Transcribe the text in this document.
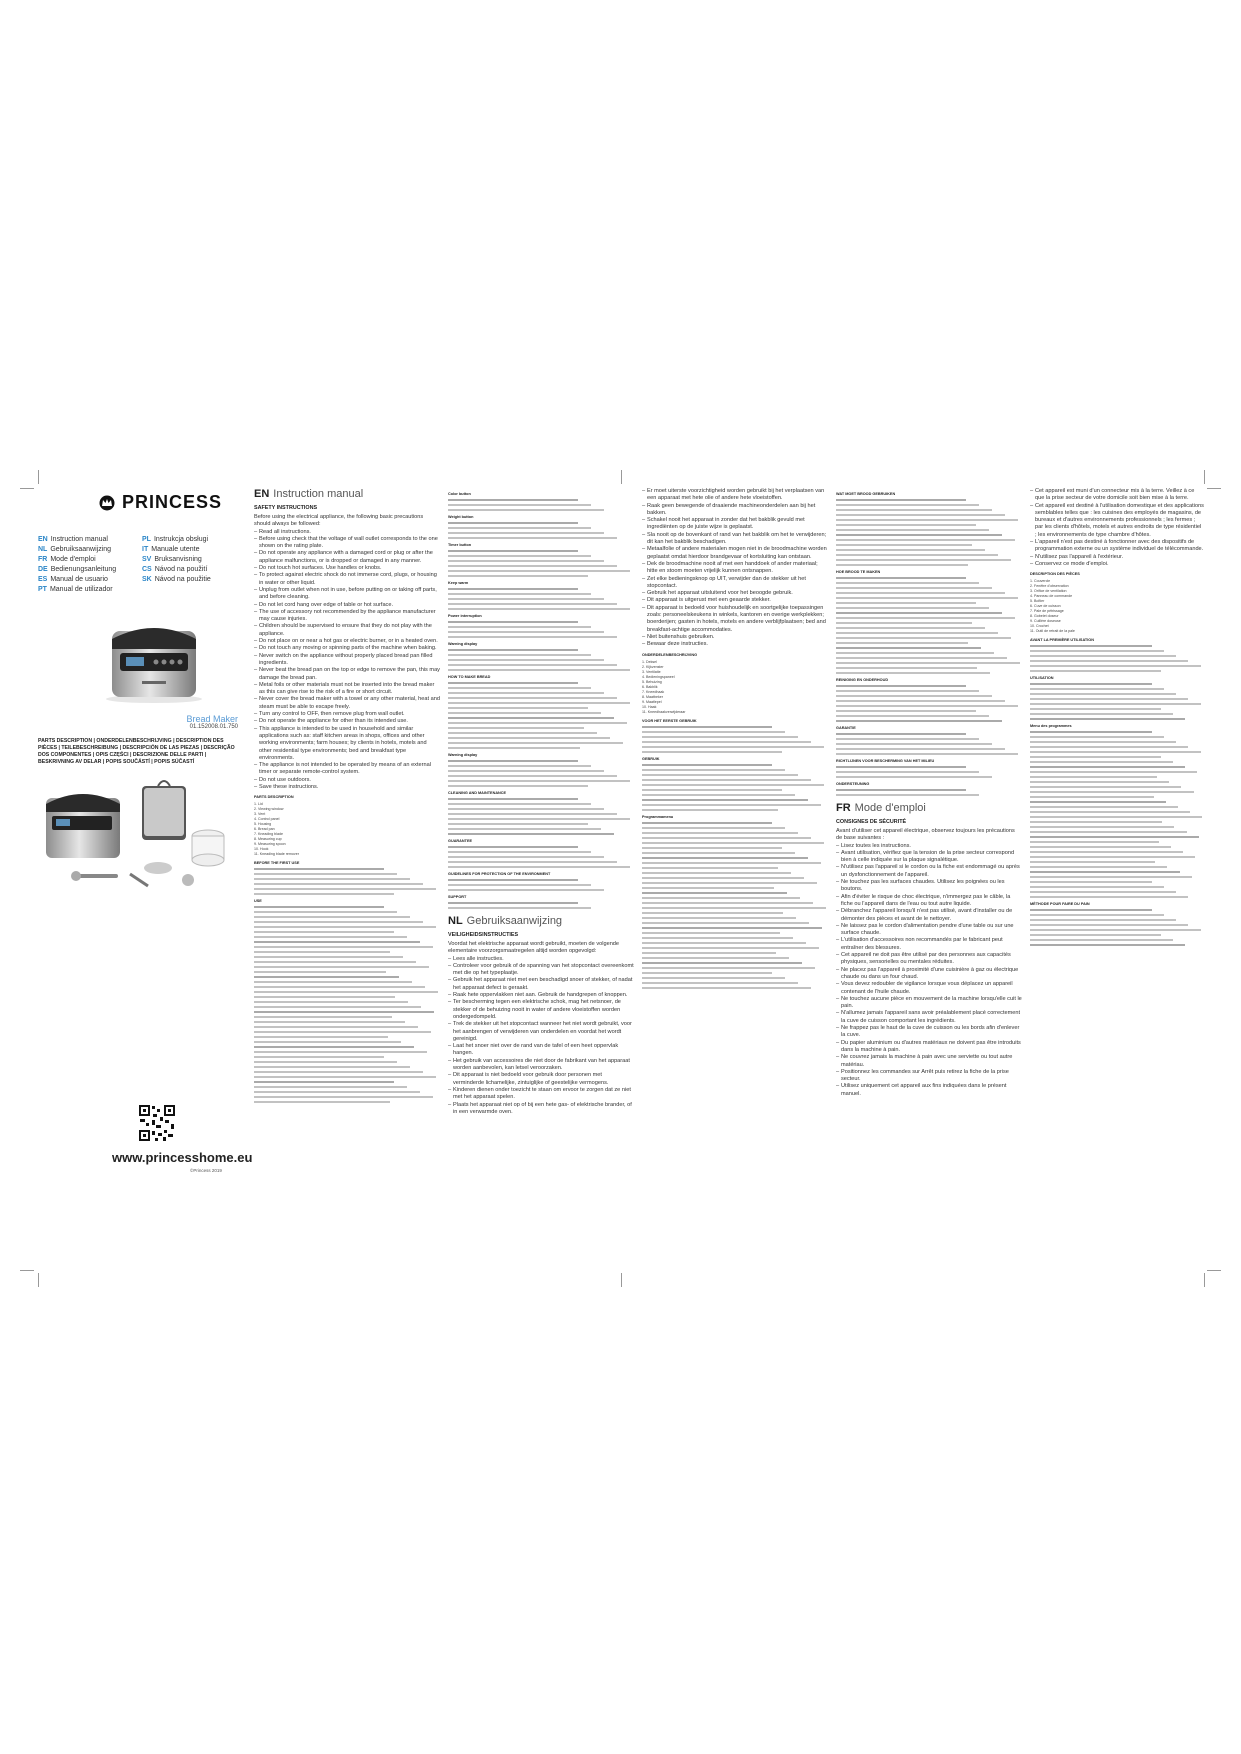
PRINCESS
EN Instruction manual	PL Instrukcja obsługi
NL Gebruiksaanwijzing	IT Manuale utente
FR Mode d'emploi	SV Bruksanvisning
DE Bedienungsanleitung	CS Návod na použití
ES Manual de usuario	SK Návod na použitie
PT Manual de utilizador
Bread Maker
01.152008.01.750
PARTS DESCRIPTION | ONDERDELENBESCHRIJVING | DESCRIPTION DES PIÈCES | TEILEBESCHREIBUNG | DESCRIPCIÓN DE LAS PIEZAS | DESCRIÇÃO DOS COMPONENTES | OPIS CZĘŚCI | DESCRIZIONE DELLE PARTI | BESKRIVNING AV DELAR | POPIS SOUČÁSTÍ | POPIS SÚČASTÍ
www.princesshome.eu
©Princess 2019
EN Instruction manual
SAFETY INSTRUCTIONS
Before using the electrical appliance, the following basic precautions should always be followed:
– Read all instructions.
– Before using check that the voltage of wall outlet corresponds to the one shown on the rating plate.
– Do not operate any appliance with a damaged cord or plug or after the appliance malfunctions, or is dropped or damaged in any manner.
– Do not touch hot surfaces. Use handles or knobs.
– To protect against electric shock do not immerse cord, plugs, or housing in water or other liquid.
– Unplug from outlet when not in use, before putting on or taking off parts, and before cleaning.
– Do not let cord hang over edge of table or hot surface.
– The use of accessory not recommended by the appliance manufacturer may cause injuries.
– Children should be supervised to ensure that they do not play with the appliance.
– Do not place on or near a hot gas or electric burner, or in a heated oven.
– Do not touch any moving or spinning parts of the machine when baking.
– Never switch on the appliance without properly placed bread pan filled ingredients.
– Never beat the bread pan on the top or edge to remove the pan, this may damage the bread pan.
– Metal foils or other materials must not be inserted into the bread maker as this can give rise to the risk of a fire or short circuit.
– Never cover the bread maker with a towel or any other material, heat and steam must be able to escape freely.
– Turn any control to OFF, then remove plug from wall outlet.
– Do not operate the appliance for other than its intended use.
– This appliance is intended to be used in household and similar applications such as: staff kitchen areas in shops, offices and other working environments; farm houses; by clients in hotels, motels and other residential type environments; bed and breakfast type environments.
– The appliance is not intended to be operated by means of an external timer or separate remote-control system.
– Do not use outdoors.
– Save these instructions.
PARTS DESCRIPTION
1. Lid
2. Viewing window
3. Vent
4. Control panel
5. Housing
6. Bread pan
7. Kneading blade
8. Measuring cup
9. Measuring spoon
10. Hook
11. Kneading blade remover
BEFORE THE FIRST USE
USE
Color button
Weight button
Timer button
Keep warm
Power interruption
Warning display
HOW TO MAKE BREAD
Warning display
CLEANING AND MAINTENANCE
GUARANTEE
GUIDELINES FOR PROTECTION OF THE ENVIRONMENT
SUPPORT
NL Gebruiksaanwijzing
VEILIGHEIDSINSTRUCTIES
Voordat het elektrische apparaat wordt gebruikt, moeten de volgende elementaire voorzorgsmaatregelen altijd worden opgevolgd:
– Lees alle instructies.
– Controleer voor gebruik of de spanning van het stopcontact overeenkomt met die op het typeplaatje.
– Gebruik het apparaat niet met een beschadigd snoer of stekker, of nadat het apparaat defect is geraakt.
– Raak hete oppervlakken niet aan. Gebruik de handgrepen of knoppen.
– Ter bescherming tegen een elektrische schok, mag het netsnoer, de stekker of de behuizing nooit in water of andere vloeistoffen worden ondergedompeld.
– Trek de stekker uit het stopcontact wanneer het niet wordt gebruikt, voor het aanbrengen of verwijderen van onderdelen en voordat het wordt gereinigd.
– Laat het snoer niet over de rand van de tafel of een heet oppervlak hangen.
– Het gebruik van accessoires die niet door de fabrikant van het apparaat worden aanbevolen, kan letsel veroorzaken.
– Dit apparaat is niet bedoeld voor gebruik door personen met verminderde lichamelijke, zintuiglijke of geestelijke vermogens.
– Kinderen dienen onder toezicht te staan om ervoor te zorgen dat ze niet met het apparaat spelen.
– Plaats het apparaat niet op of bij een hete gas- of elektrische brander, of in een verwarmde oven.
– Er moet uiterste voorzichtigheid worden gebruikt bij het verplaatsen van een apparaat met hete olie of andere hete vloeistoffen.
– Raak geen bewegende of draaiende machineonderdelen aan bij het bakken.
– Schakel nooit het apparaat in zonder dat het bakblik gevuld met ingrediënten op de juiste wijze is geplaatst.
– Sla nooit op de bovenkant of rand van het bakblik om het te verwijderen; dit kan het bakblik beschadigen.
– Metaalfolie of andere materialen mogen niet in de broodmachine worden geplaatst omdat hierdoor brandgevaar of kortsluiting kan ontstaan.
– Dek de broodmachine nooit af met een handdoek of ander materiaal; hitte en stoom moeten vrijelijk kunnen ontsnappen.
– Zet elke bedieningsknop op UIT, verwijder dan de stekker uit het stopcontact.
– Gebruik het apparaat uitsluitend voor het beoogde gebruik.
– Dit apparaat is uitgerust met een geaarde stekker.
– Dit apparaat is bedoeld voor huishoudelijk en soortgelijke toepassingen zoals: personeelskeukens in winkels, kantoren en overige werkplekken; boerderijen; gasten in hotels, motels en andere verblijfplaatsen; bed and breakfast-achtige accommodaties.
– Niet buitenshuis gebruiken.
– Bewaar deze instructies.
ONDERDELENBESCHRIJVING
1. Deksel
2. Kijkvenster
3. Ventilatie
4. Bedieningspaneel
5. Behuizing
6. Bakblik
7. Kneedhaak
8. Maatbeker
9. Maatlepel
10. Haak
11. Kneedhaakverwijderaar
VOOR HET EERSTE GEBRUIK
GEBRUIK
Programmamenu
WAT MOET BROOD GEBRUIKEN
HOE BROOD TE MAKEN
REINIGING EN ONDERHOUD
GARANTIE
RICHTLIJNEN VOOR BESCHERMING VAN HET MILIEU
ONDERSTEUNING
FR Mode d'emploi
CONSIGNES DE SÉCURITÉ
Avant d'utiliser cet appareil électrique, observez toujours les précautions de base suivantes :
– Lisez toutes les instructions.
– Avant utilisation, vérifiez que la tension de la prise secteur correspond bien à celle indiquée sur la plaque signalétique.
– N'utilisez pas l'appareil si le cordon ou la fiche est endommagé ou après un dysfonctionnement de l'appareil.
– Ne touchez pas les surfaces chaudes. Utilisez les poignées ou les boutons.
– Afin d'éviter le risque de choc électrique, n'immergez pas le câble, la fiche ou l'appareil dans de l'eau ou tout autre liquide.
– Débranchez l'appareil lorsqu'il n'est pas utilisé, avant d'installer ou de démonter des pièces et avant de le nettoyer.
– Ne laissez pas le cordon d'alimentation pendre d'une table ou sur une surface chaude.
– L'utilisation d'accessoires non recommandés par le fabricant peut entraîner des blessures.
– Cet appareil ne doit pas être utilisé par des personnes aux capacités physiques, sensorielles ou mentales réduites.
– Ne placez pas l'appareil à proximité d'une cuisinière à gaz ou électrique chaude ou dans un four chaud.
– Vous devez redoubler de vigilance lorsque vous déplacez un appareil contenant de l'huile chaude.
– Ne touchez aucune pièce en mouvement de la machine lorsqu'elle cuit le pain.
– N'allumez jamais l'appareil sans avoir préalablement placé correctement la cuve de cuisson comportant les ingrédients.
– Ne frappez pas le haut de la cuve de cuisson ou les bords afin d'enlever la cuve.
– Du papier aluminium ou d'autres matériaux ne doivent pas être introduits dans la machine à pain.
– Ne couvrez jamais la machine à pain avec une serviette ou tout autre matériau.
– Positionnez les commandes sur Arrêt puis retirez la fiche de la prise secteur.
– Utilisez uniquement cet appareil aux fins indiquées dans le présent manuel.
– Cet appareil est muni d'un connecteur mis à la terre. Veillez à ce que la prise secteur de votre domicile soit bien mise à la terre.
– Cet appareil est destiné à l'utilisation domestique et des applications semblables telles que : les cuisines des employés de magasins, de bureaux et d'autres environnements professionnels ; les fermes ; par les clients d'hôtels, motels et autres endroits de type résidentiel ; les environnements de type chambre d'hôtes.
– L'appareil n'est pas destiné à fonctionner avec des dispositifs de programmation externe ou un système individuel de télécommande.
– N'utilisez pas l'appareil à l'extérieur.
– Conservez ce mode d'emploi.
DESCRIPTION DES PIÈCES
1. Couvercle
2. Fenêtre d'observation
3. Orifice de ventilation
4. Panneau de commande
5. Boîtier
6. Cuve de cuisson
7. Pale de pétrissage
8. Gobelet doseur
9. Cuillère doseuse
10. Crochet
11. Outil de retrait de la pale
AVANT LA PREMIÈRE UTILISATION
UTILISATION
Menu des programmes
MÉTHODE POUR FAIRE DU PAIN
